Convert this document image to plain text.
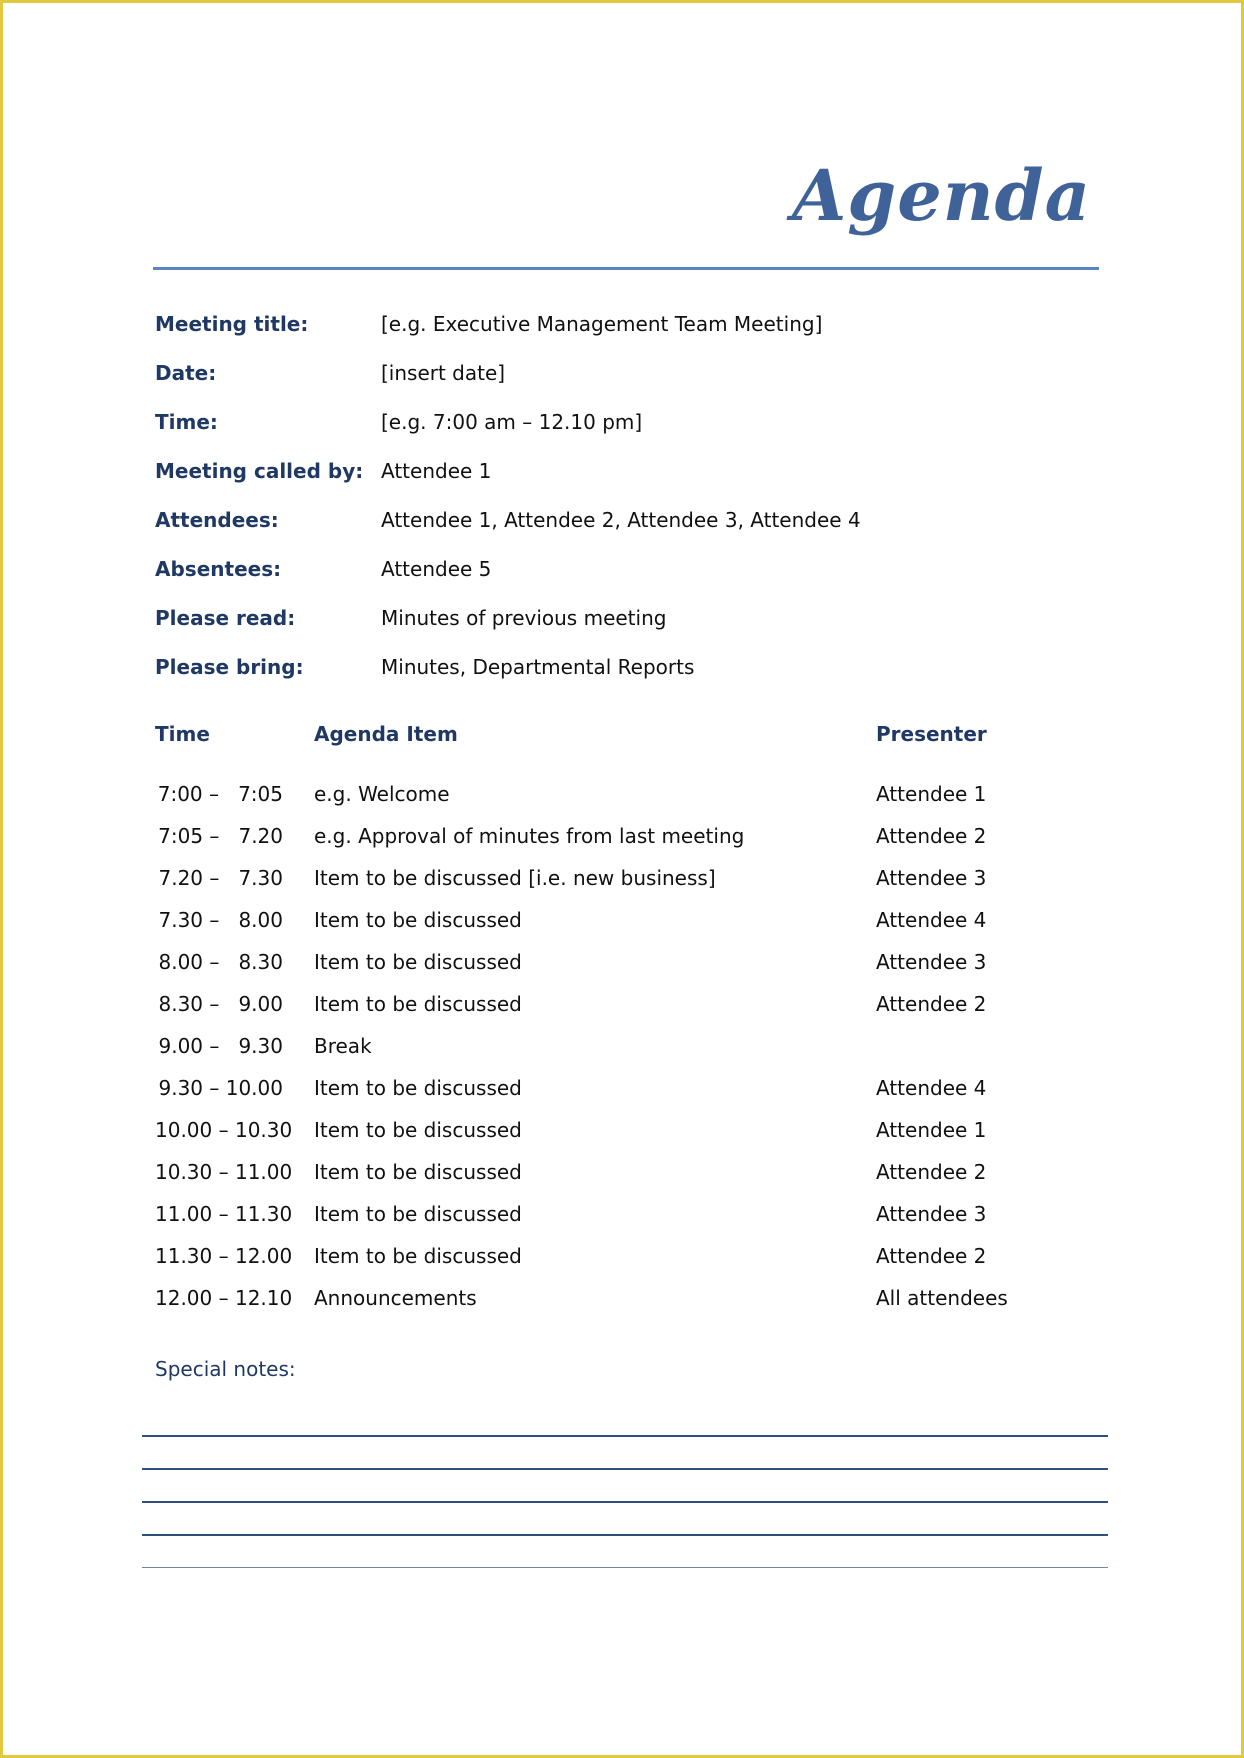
Agenda
Meeting title:	[e.g. Executive Management Team Meeting]
Date:	[insert date]
Time:	[e.g. 7:00 am – 12.10 pm]
Meeting called by: Attendee 1
Attendees:	Attendee 1, Attendee 2, Attendee 3, Attendee 4
Absentees:	Attendee 5
Please read:	Minutes of previous meeting
Please bring:	Minutes, Departmental Reports
Time	Agenda Item	Presenter
7:00 –   7:05 e.g. Welcome	Attendee 1
7:05 –   7.20 e.g. Approval of minutes from last meeting	Attendee 2
7.20 –   7.30 Item to be discussed [i.e. new business]	Attendee 3
7.30 –   8.00 Item to be discussed	Attendee 4
8.00 –   8.30 Item to be discussed	Attendee 3
8.30 –   9.00 Item to be discussed	Attendee 2
9.00 –   9.30 Break
9.30 – 10.00 Item to be discussed	Attendee 4
10.00 – 10.30 Item to be discussed	Attendee 1
10.30 – 11.00 Item to be discussed	Attendee 2
11.00 – 11.30 Item to be discussed	Attendee 3
11.30 – 12.00 Item to be discussed	Attendee 2
12.00 – 12.10 Announcements	All attendees
Special notes:
